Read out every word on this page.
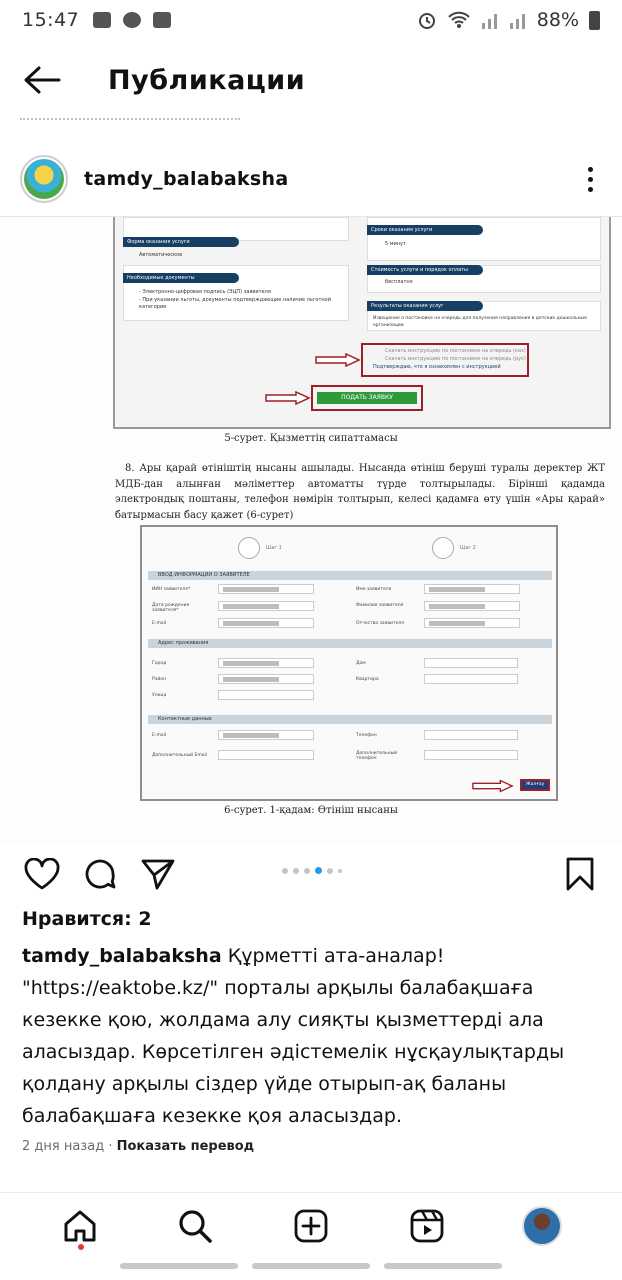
15:47	88%
Публикации
tamdy_balabaksha
Форма оказания услуги
Автоматическое
Необходимые документы
- Электронно-цифровая подпись (ЭЦП) заявителя
- При указании льготы, документы подтверждающие наличие льготной категории
Сроки оказания услуги
5 минут
Стоимость услуги и порядок оплаты
бесплатно
Результаты оказания услуг
Извещение о постановке на очередь для получения направления в детские дошкольные организации
Скачать инструкцию по постановке на очередь (каз)
Скачать инструкцию по постановке на очередь (рус)
Подтверждаю, что я ознакомлен с инструкцией
ПОДАТЬ ЗАЯВКУ
5-сурет. Қызметтің сипаттамасы
8. Ары қарай өтініштің нысаны ашылады. Нысанда өтініш беруші туралы деректер ЖТ МДБ-дан алынған мәліметтер автоматты түрде толтырылады. Бірінші қадамда электрондық поштаны, телефон нөмірін толтырып, келесі қадамға өту үшін «Ары қарай» батырмасын басу қажет (6-сурет)
Шаг 1	Шаг 2
ВВОД ИНФОРМАЦИИ О ЗАЯВИТЕЛЕ
ИИН заявителя*
Дата рождения заявителя*
E-mail
Имя заявителя
Фамилия заявителя
Отчество заявителя
Адрес проживания
Город
Район
Улица
Дом
Квартира
Контактные данные
E-mail
Дополнительный Email
Телефон
Дополнительный телефон
Жалғау
6-сурет. 1-қадам: Өтініш нысаны
Нравится: 2
tamdy_balabaksha Құрметті ата-аналар! "https://eaktobe.kz/" порталы арқылы балабақшаға кезекке қою, жолдама алу сияқты қызметтерді ала аласыздар. Көрсетілген әдістемелік нұсқаулықтарды қолдану арқылы сіздер үйде отырып-ақ баланы балабақшаға кезекке қоя аласыздар.
2 дня назад · Показать перевод
